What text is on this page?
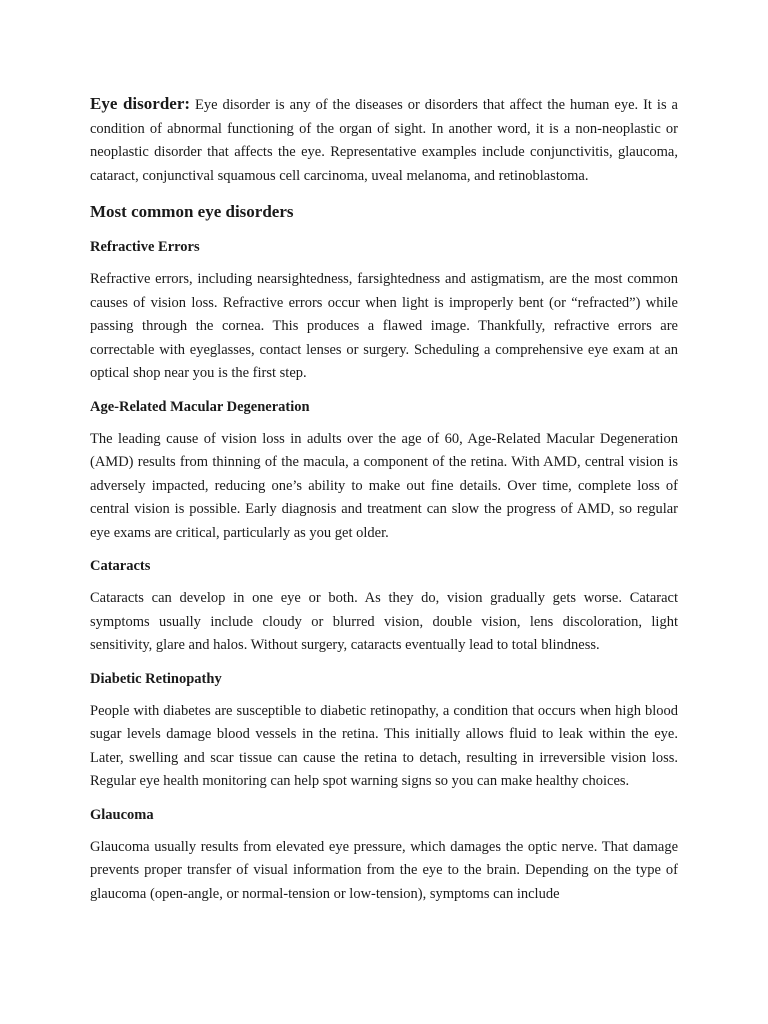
Eye disorder: Eye disorder is any of the diseases or disorders that affect the human eye. It is a condition of abnormal functioning of the organ of sight. In another word, it is a non-neoplastic or neoplastic disorder that affects the eye. Representative examples include conjunctivitis, glaucoma, cataract, conjunctival squamous cell carcinoma, uveal melanoma, and retinoblastoma.

Most common eye disorders
Refractive Errors

Refractive errors, including nearsightedness, farsightedness and astigmatism, are the most common causes of vision loss. Refractive errors occur when light is improperly bent (or “refracted”) while passing through the cornea. This produces a flawed image. Thankfully, refractive errors are correctable with eyeglasses, contact lenses or surgery. Scheduling a comprehensive eye exam at an optical shop near you is the first step.

Age-Related Macular Degeneration

The leading cause of vision loss in adults over the age of 60, Age-Related Macular Degeneration (AMD) results from thinning of the macula, a component of the retina. With AMD, central vision is adversely impacted, reducing one’s ability to make out fine details. Over time, complete loss of central vision is possible. Early diagnosis and treatment can slow the progress of AMD, so regular eye exams are critical, particularly as you get older.

Cataracts

Cataracts can develop in one eye or both. As they do, vision gradually gets worse. Cataract symptoms usually include cloudy or blurred vision, double vision, lens discoloration, light sensitivity, glare and halos. Without surgery, cataracts eventually lead to total blindness.

Diabetic Retinopathy

People with diabetes are susceptible to diabetic retinopathy, a condition that occurs when high blood sugar levels damage blood vessels in the retina. This initially allows fluid to leak within the eye. Later, swelling and scar tissue can cause the retina to detach, resulting in irreversible vision loss. Regular eye health monitoring can help spot warning signs so you can make healthy choices.

Glaucoma

Glaucoma usually results from elevated eye pressure, which damages the optic nerve. That damage prevents proper transfer of visual information from the eye to the brain. Depending on the type of glaucoma (open-angle, or normal-tension or low-tension), symptoms can include
